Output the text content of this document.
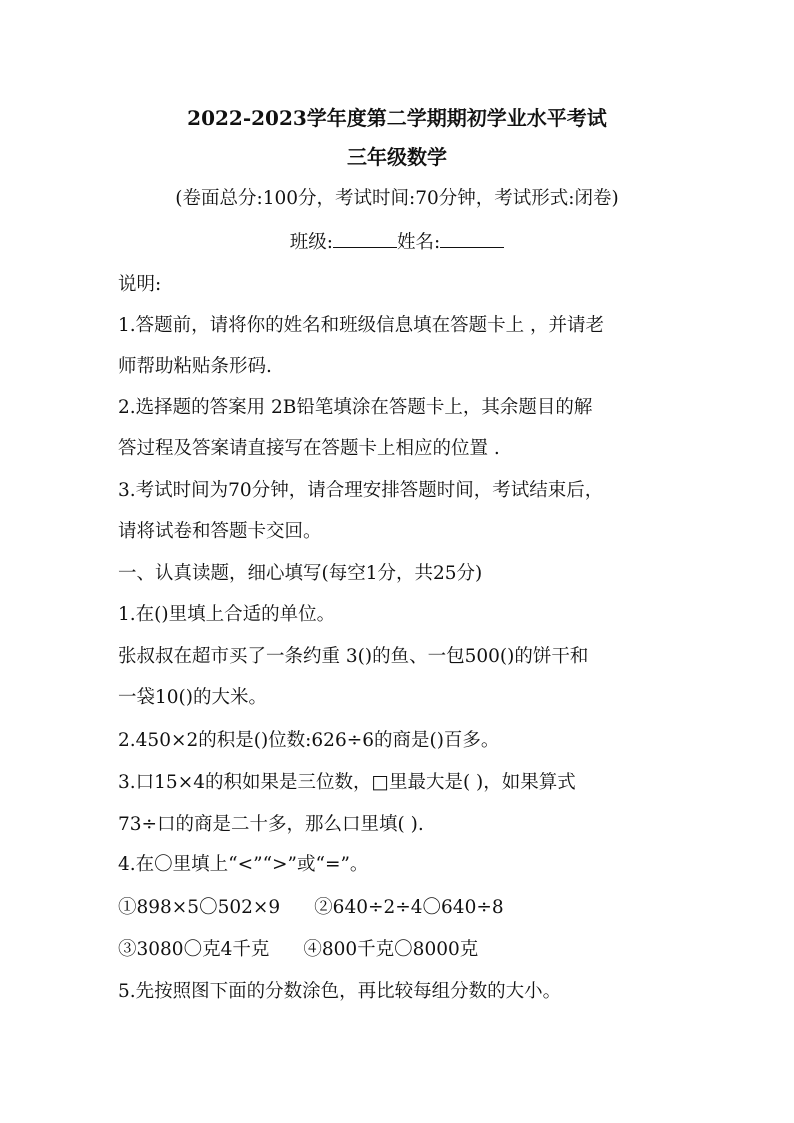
2022-2023学年度第二学期期初学业水平考试
三年级数学
(卷面总分:100分，考试时间:70分钟，考试形式:闭卷)
班级:	姓名:
说明:
1.答题前，请将你的姓名和班级信息填在答题卡上 ，并请老
师帮助粘贴条形码.
2.选择题的答案用 2B铅笔填涂在答题卡上，其余题目的解
答过程及答案请直接写在答题卡上相应的位置 .
3.考试时间为70分钟，请合理安排答题时间，考试结束后，
请将试卷和答题卡交回。
一、认真读题，细心填写(每空1分，共25分)
1.在()里填上合适的单位。
张叔叔在超市买了一条约重 3()的鱼、一包500()的饼干和
一袋10()的大米。
2.450×2的积是()位数:626÷6的商是()百多。
3.口15×4的积如果是三位数，□里最大是( )，如果算式
73÷口的商是二十多，那么口里填( ).
4.在〇里填上“<”“>”或“=”。
①898×5〇502×9 ②640÷2÷4〇640÷8
③3080〇克4千克 ④800千克〇8000克
5.先按照图下面的分数涂色，再比较每组分数的大小。
